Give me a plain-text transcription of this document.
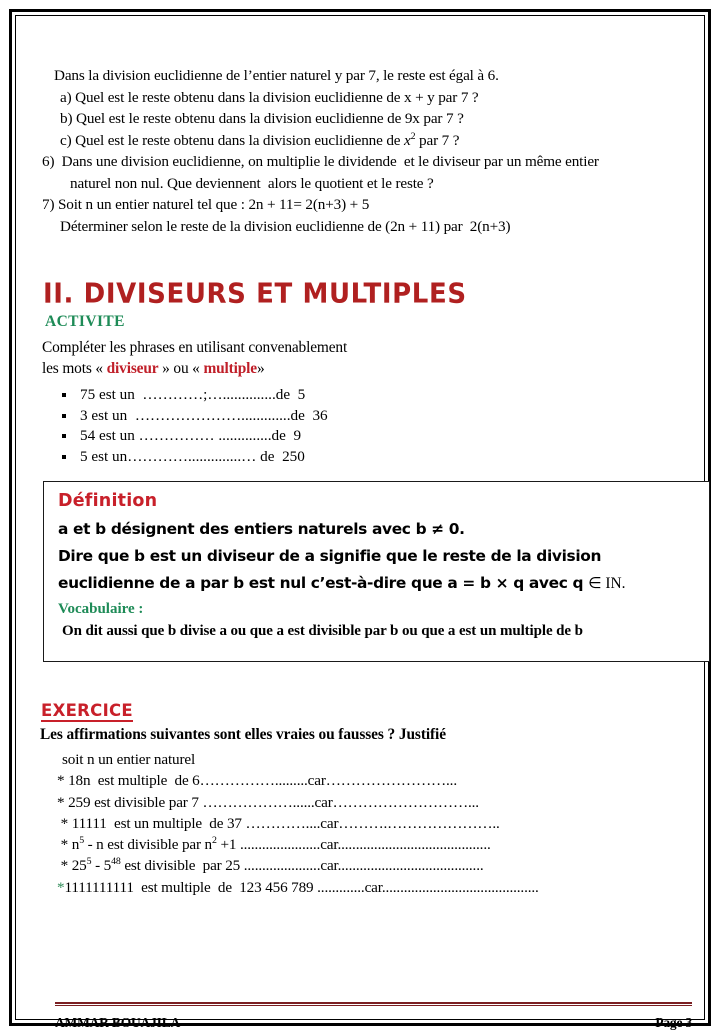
Dans la division euclidienne de l’entier naturel y par 7, le reste est égal à 6.
a) Quel est le reste obtenu dans la division euclidienne de x + y par 7 ?
b) Quel est le reste obtenu dans la division euclidienne de 9x par 7 ?
c) Quel est le reste obtenu dans la division euclidienne de $x^2$ par 7 ?
6)  Dans une division euclidienne, on multiplie le dividende  et le diviseur par un même entier
naturel non nul. Que deviennent  alors le quotient et le reste ?
7) Soit n un entier naturel tel que : 2n + 11= 2(n+3) + 5
Déterminer selon le reste de la division euclidienne de (2n + 11) par  2(n+3)
II. DIVISEURS ET MULTIPLES
ACTIVITE
Compléter les phrases en utilisant convenablement
les mots « diviseur » ou « multiple»
75 est un  …………;…..............de  5
3 est un  ………………….............de  36
54 est un …………… ..............de  9
5 est un…………..............… de  250
Définition
a et b désignent des entiers naturels avec b ≠ 0.
Dire que b est un diviseur de a signifie que le reste de la division
euclidienne de a par b est nul c’est-à-dire que a = b × q avec q ∈ IN.
Vocabulaire :
On dit aussi que b divise a ou que a est divisible par b ou que a est un multiple de b
EXERCICE
Les affirmations suivantes sont elles vraies ou fausses ? Justifié
soit n un entier naturel
* 18n  est multiple  de 6…………….........car……………………...
* 259 est divisible par 7 ………………......car………………………...
* 11111  est un multiple  de 37 …………....car……….…………………..
* $n^5$ - n est divisible par $n^2 +1$ ......................car..........................................
* $25^5 - 5^{48}$ est divisible  par 25 .....................car........................................
*1111111111  est multiple  de  123 456 789 .............car...........................................
AMMAR BOUAJILA	Page 3
